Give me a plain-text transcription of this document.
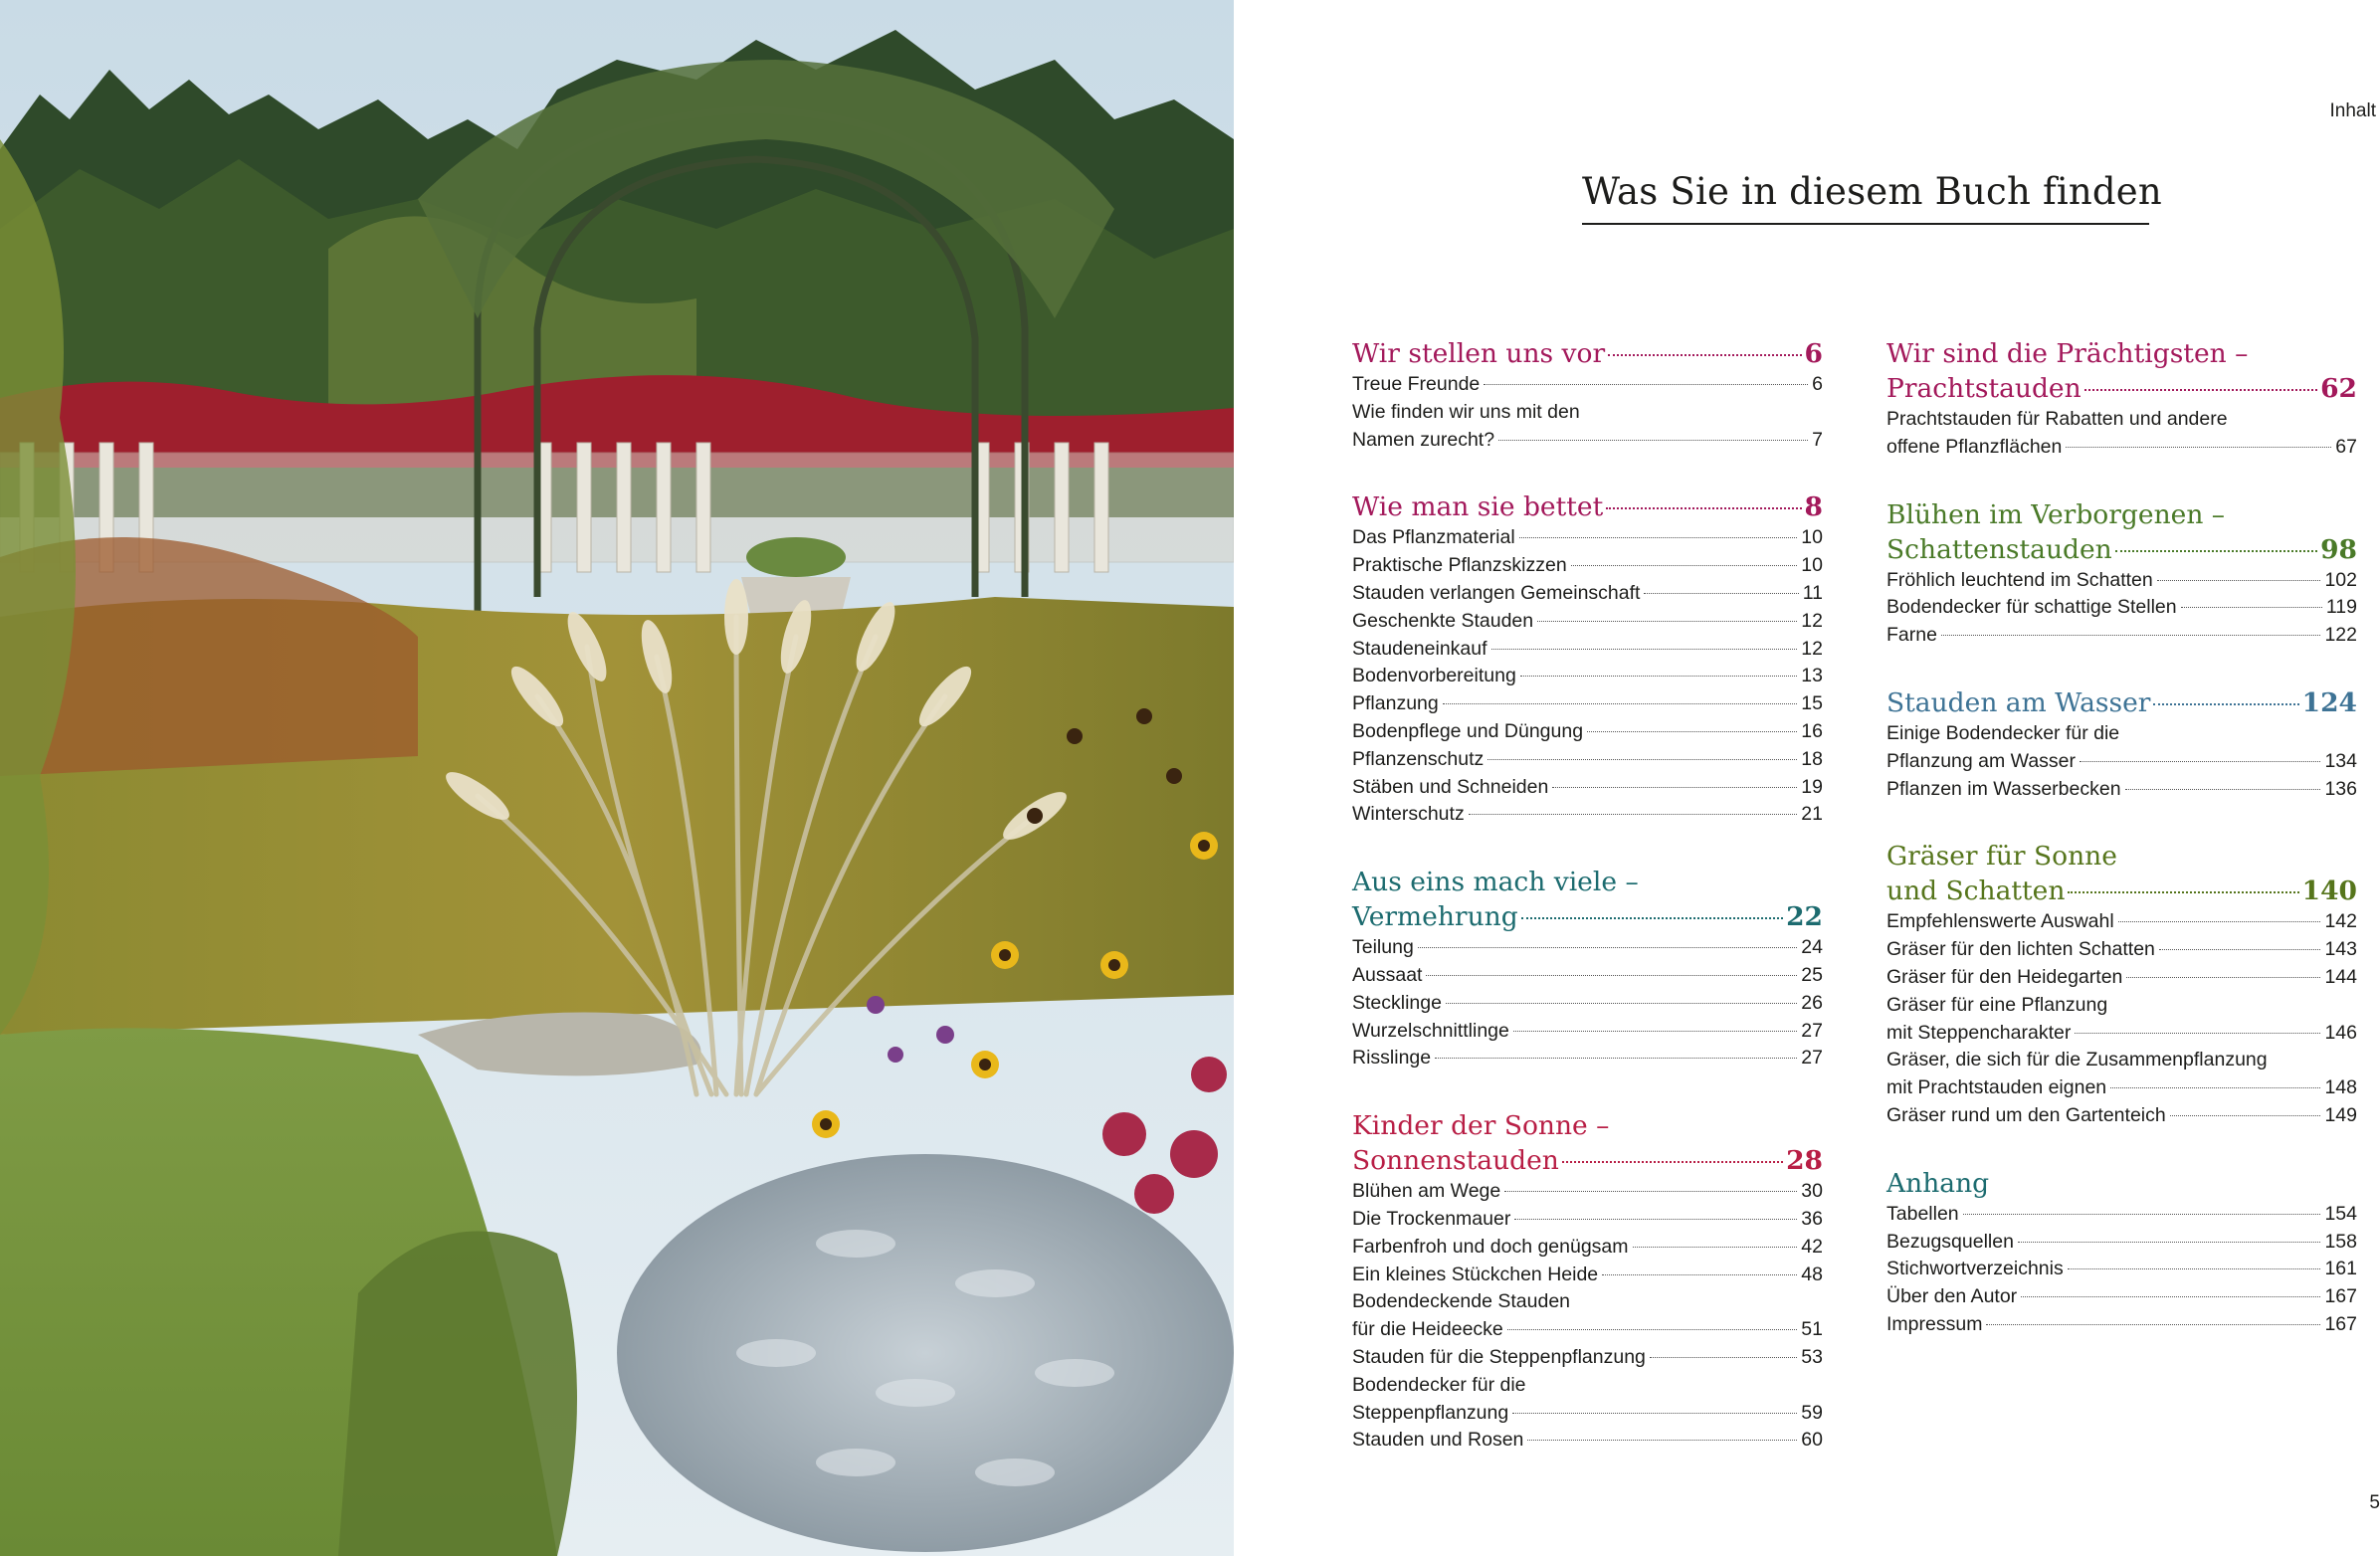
Inhalt
Was Sie in diesem Buch finden
Wir stellen uns vor	6
Treue Freunde	6
Wie finden wir uns mit den
Namen zurecht?	7
Wie man sie bettet	8
Das Pflanzmaterial	10
Praktische Pflanzskizzen	10
Stauden verlangen Gemeinschaft	11
Geschenkte Stauden	12
Staudeneinkauf	12
Bodenvorbereitung	13
Pflanzung	15
Bodenpflege und Düngung	16
Pflanzenschutz	18
Stäben und Schneiden	19
Winterschutz	21
Aus eins mach viele –
Vermehrung	22
Teilung	24
Aussaat	25
Stecklinge	26
Wurzelschnittlinge	27
Risslinge	27
Kinder der Sonne –
Sonnenstauden	28
Blühen am Wege	30
Die Trockenmauer	36
Farbenfroh und doch genügsam	42
Ein kleines Stückchen Heide	48
Bodendeckende Stauden
für die Heideecke	51
Stauden für die Steppenpflanzung	53
Bodendecker für die
Steppenpflanzung	59
Stauden und Rosen	60
Wir sind die Prächtigsten –
Prachtstauden	62
Prachtstauden für Rabatten und andere
offene Pflanzflächen	67
Blühen im Verborgenen –
Schattenstauden	98
Fröhlich leuchtend im Schatten	102
Bodendecker für schattige Stellen	119
Farne	122
Stauden am Wasser	124
Einige Bodendecker für die
Pflanzung am Wasser	134
Pflanzen im Wasserbecken	136
Gräser für Sonne
und Schatten	140
Empfehlenswerte Auswahl	142
Gräser für den lichten Schatten	143
Gräser für den Heidegarten	144
Gräser für eine Pflanzung
mit Steppencharakter	146
Gräser, die sich für die Zusammenpflanzung
mit Prachtstauden eignen	148
Gräser rund um den Gartenteich	149
Anhang
Tabellen	154
Bezugsquellen	158
Stichwortverzeichnis	161
Über den Autor	167
Impressum	167
5
